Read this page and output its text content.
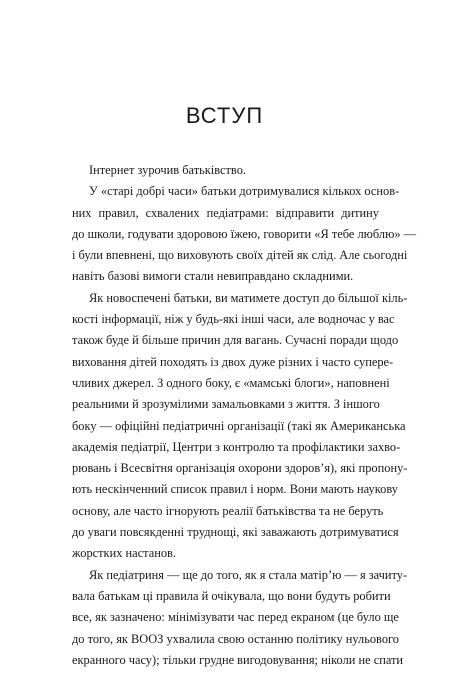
ВСТУП
Інтернет зурочив батьківство.
У «старі добрі часи» батьки дотримувалися кількох основ-
них правил, схвалених педіатрами: відправити дитину
до школи, годувати здоровою їжею, говорити «Я тебе люблю» —
і були впевнені, що виховують своїх дітей як слід. Але сьогодні
навіть базові вимоги стали невиправдано складними.
Як новоспечені батьки, ви матимете доступ до більшої кіль-
кості інформації, ніж у будь-які інші часи, але водночас у вас
також буде й більше причин для вагань. Сучасні поради щодо
виховання дітей походять із двох дуже різних і часто супере-
чливих джерел. З одного боку, є «мамські блоги», наповнені
реальними й зрозумілими замальовками з життя. З іншого
боку — офіційні педіатричні організації (такі як Американська
академія педіатрії, Центри з контролю та профілактики захво-
рювань і Всесвітня організація охорони здоров’я), які пропону-
ють нескінченний список правил і норм. Вони мають наукову
основу, але часто ігнорують реалії батьківства та не беруть
до уваги повсякденні труднощі, які заважають дотримуватися
жорстких настанов.
Як педіатриня — ще до того, як я стала матір’ю — я зачиту-
вала батькам ці правила й очікувала, що вони будуть робити
все, як зазначено: мінімізувати час перед екраном (це було ще
до того, як ВООЗ ухвалила свою останню політику нульового
екранного часу); тільки грудне вигодовування; ніколи не спати
